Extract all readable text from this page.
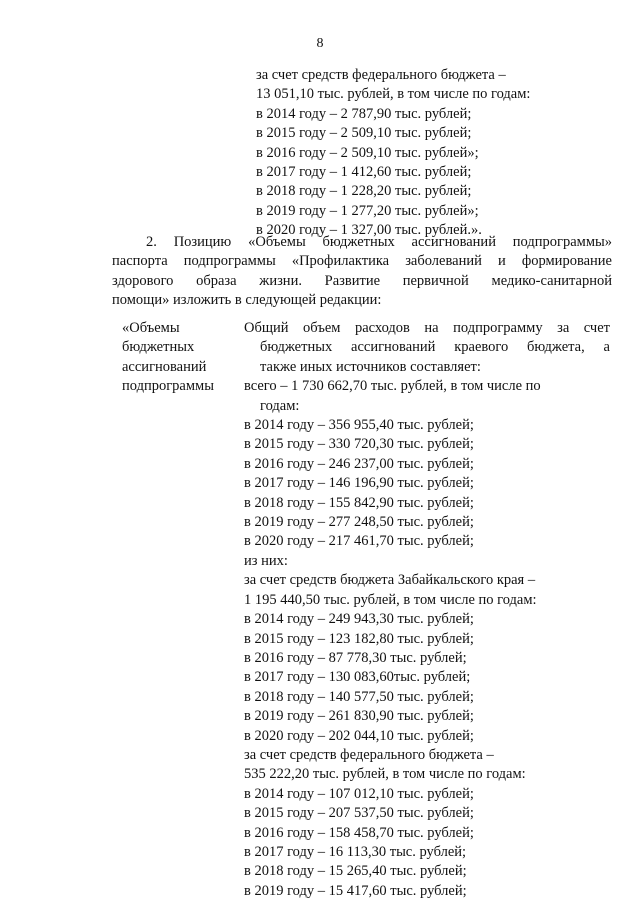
8
за счет средств федерального бюджета –
13 051,10 тыс. рублей, в том числе по годам:
в 2014 году – 2 787,90 тыс. рублей;
в 2015 году – 2 509,10 тыс. рублей;
в 2016 году – 2 509,10 тыс. рублей»;
в 2017 году – 1 412,60 тыс. рублей;
в 2018 году – 1 228,20 тыс. рублей;
в 2019 году – 1 277,20 тыс. рублей»;
в 2020 году – 1 327,00 тыс. рублей.».
2. Позицию «Объемы бюджетных ассигнований подпрограммы»
паспорта подпрограммы «Профилактика заболеваний и формирование
здорового образа жизни. Развитие первичной медико-санитарной
помощи» изложить в следующей редакции:
«Объемы
бюджетных
ассигнований
подпрограммы
Общий объем расходов на подпрограмму за счет
бюджетных ассигнований краевого бюджета, а
также иных источников составляет:
всего – 1 730 662,70 тыс. рублей, в том числе по
годам:
в 2014 году – 356 955,40 тыс. рублей;
в 2015 году – 330 720,30 тыс. рублей;
в 2016 году – 246 237,00 тыс. рублей;
в 2017 году – 146 196,90 тыс. рублей;
в 2018 году – 155 842,90 тыс. рублей;
в 2019 году – 277 248,50 тыс. рублей;
в 2020 году – 217 461,70 тыс. рублей;
из них:
за счет средств бюджета Забайкальского края –
1 195 440,50 тыс. рублей, в том числе по годам:
в 2014 году – 249 943,30 тыс. рублей;
в 2015 году – 123 182,80 тыс. рублей;
в 2016 году – 87 778,30 тыс. рублей;
в 2017 году – 130 083,60тыс. рублей;
в 2018 году – 140 577,50 тыс. рублей;
в 2019 году – 261 830,90 тыс. рублей;
в 2020 году – 202 044,10 тыс. рублей;
за счет средств федерального бюджета –
535 222,20 тыс. рублей, в том числе по годам:
в 2014 году – 107 012,10 тыс. рублей;
в 2015 году – 207 537,50 тыс. рублей;
в 2016 году – 158 458,70 тыс. рублей;
в 2017 году – 16 113,30 тыс. рублей;
в 2018 году – 15 265,40 тыс. рублей;
в 2019 году – 15 417,60 тыс. рублей;
